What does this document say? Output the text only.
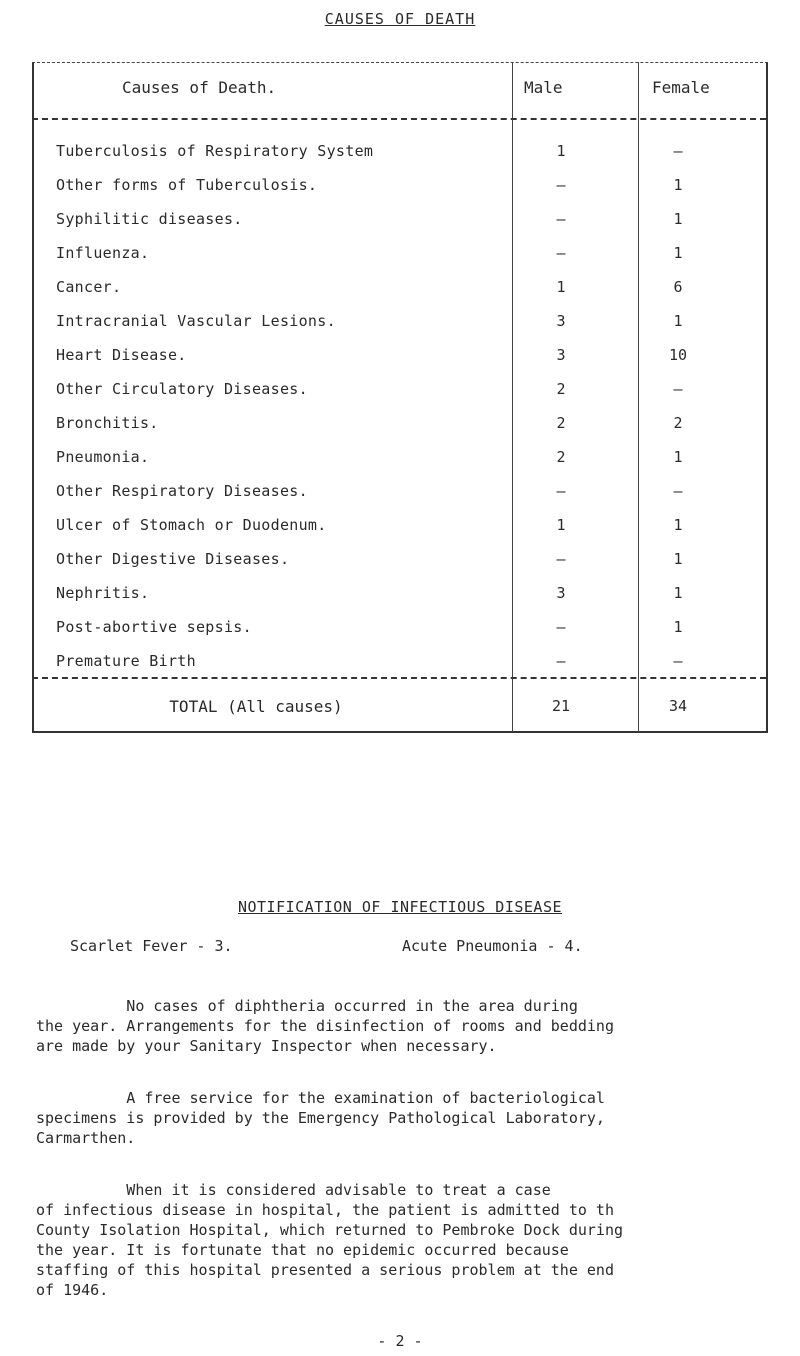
CAUSES OF DEATH
Causes of Death.	Male	Female
Tuberculosis of Respiratory System	1	–
Other forms of Tuberculosis.	–	1
Syphilitic diseases.	–	1
Influenza.	–	1
Cancer.	1	6
Intracranial Vascular Lesions.	3	1
Heart Disease.	3	10
Other Circulatory Diseases.	2	–
Bronchitis.	2	2
Pneumonia.	2	1
Other Respiratory Diseases.	–	–
Ulcer of Stomach or Duodenum.	1	1
Other Digestive Diseases.	–	1
Nephritis.	3	1
Post-abortive sepsis.	–	1
Premature Birth	–	–
TOTAL (All causes)	21	34
NOTIFICATION OF INFECTIOUS DISEASE
Scarlet Fever - 3.	Acute Pneumonia - 4.
No cases of diphtheria occurred in the area during
the year. Arrangements for the disinfection of rooms and bedding
are made by your Sanitary Inspector when necessary.
A free service for the examination of bacteriological
specimens is provided by the Emergency Pathological Laboratory,
Carmarthen.
When it is considered advisable to treat a case
of infectious disease in hospital, the patient is admitted to th
County Isolation Hospital, which returned to Pembroke Dock during
the year. It is fortunate that no epidemic occurred because
staffing of this hospital presented a serious problem at the end
of 1946.
- 2 -
